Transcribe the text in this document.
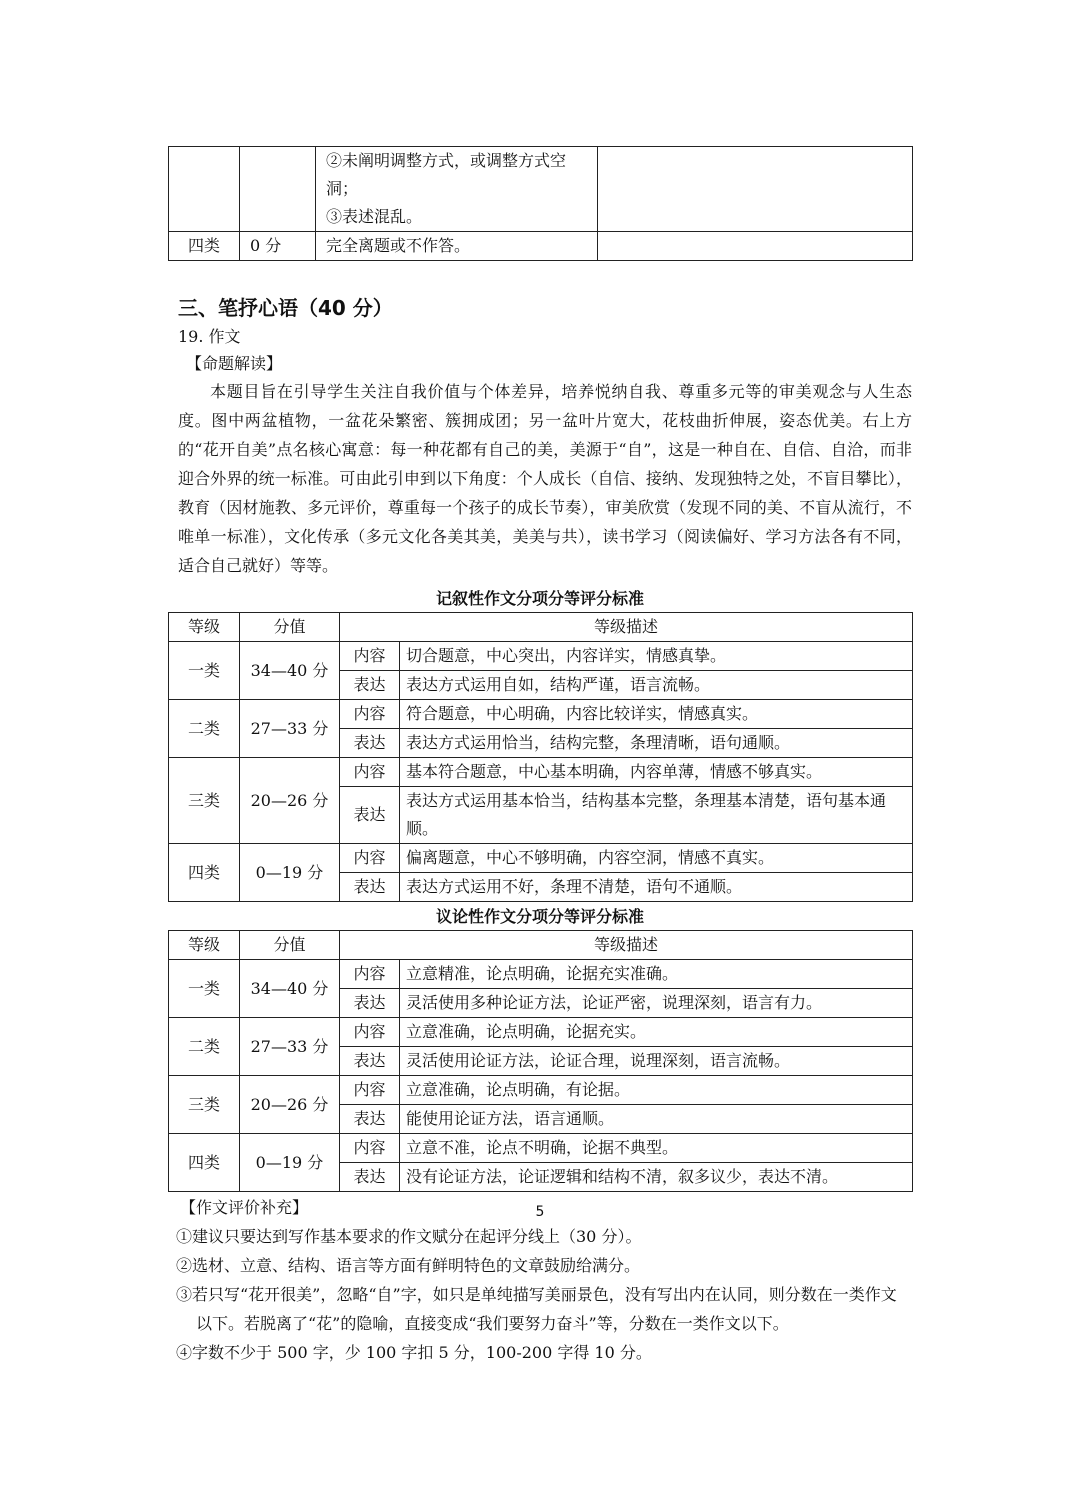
		②未阐明调整方式，或调整方式空洞；
③表述混乱。	

四类	0 分	完全离题或不作答。	

三、笔抒心语（40 分）
19. 作文
【命题解读】

本题目旨在引导学生关注自我价值与个体差异，培养悦纳自我、尊重多元等的审美观念与人生态度。图中两盆植物，一盆花朵繁密、簇拥成团；另一盆叶片宽大，花枝曲折伸展，姿态优美。右上方的“花开自美”点名核心寓意：每一种花都有自己的美，美源于“自”，这是一种自在、自信、自洽，而非迎合外界的统一标准。可由此引申到以下角度：个人成长（自信、接纳、发现独特之处，不盲目攀比），教育（因材施教、多元评价，尊重每一个孩子的成长节奏），审美欣赏（发现不同的美、不盲从流行，不唯单一标准），文化传承（多元文化各美其美，美美与共），读书学习（阅读偏好、学习方法各有不同，适合自己就好）等等。

记叙性作文分项分等评分标准
等级	分值	等级描述	
一类	34—40 分	内容	切合题意，中心突出，内容详实，情感真挚。
		表达	表达方式运用自如，结构严谨，语言流畅。
二类	27—33 分	内容	符合题意，中心明确，内容比较详实，情感真实。
		表达	表达方式运用恰当，结构完整，条理清晰，语句通顺。
三类	20—26 分	内容	基本符合题意，中心基本明确，内容单薄，情感不够真实。
		表达	表达方式运用基本恰当，结构基本完整，条理基本清楚，语句基本通顺。
四类	0—19 分	内容	偏离题意，中心不够明确，内容空洞，情感不真实。
		表达	表达方式运用不好，条理不清楚，语句不通顺。
议论性作文分项分等评分标准
等级	分值	等级描述	
一类	34—40 分	内容	立意精准，论点明确，论据充实准确。
		表达	灵活使用多种论证方法，论证严密，说理深刻，语言有力。
二类	27—33 分	内容	立意准确，论点明确，论据充实。
		表达	灵活使用论证方法，论证合理，说理深刻，语言流畅。
三类	20—26 分	内容	立意准确，论点明确，有论据。
		表达	能使用论证方法，语言通顺。
四类	0—19 分	内容	立意不准，论点不明确，论据不典型。
		表达	没有论证方法，论证逻辑和结构不清，叙多议少，表达不清。
【作文评价补充】
①建议只要达到写作基本要求的作文赋分在起评分线上（30 分）。
②选材、立意、结构、语言等方面有鲜明特色的文章鼓励给满分。
③若只写“花开很美”，忽略“自”字，如只是单纯描写美丽景色，没有写出内在认同，则分数在一类作文以下。若脱离了“花”的隐喻，直接变成“我们要努力奋斗”等，分数在一类作文以下。
④字数不少于 500 字，少 100 字扣 5 分，100-200 字得 10 分。
5
